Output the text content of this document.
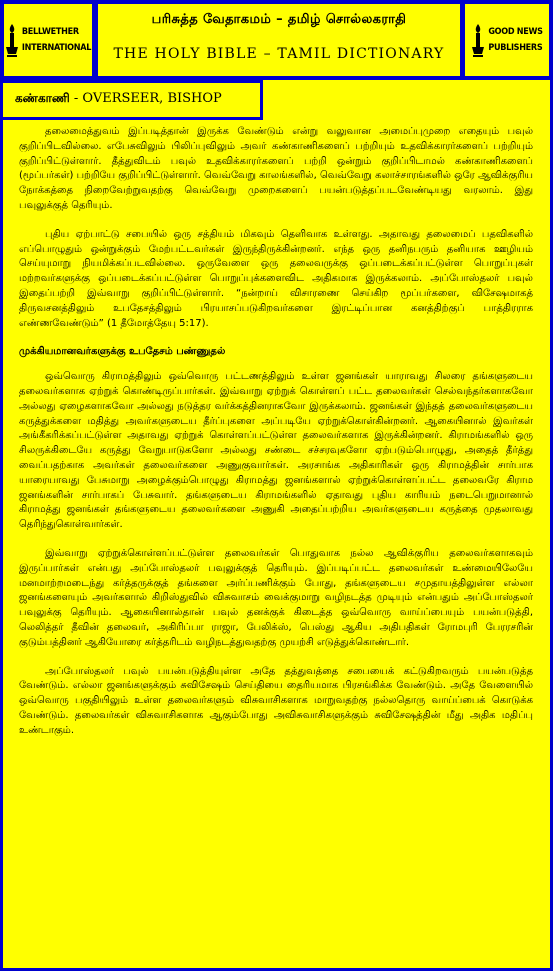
BELLWETHER
INTERNATIONAL
பரிசுத்த வேதாகமம் – தமிழ் சொல்லகராதி
THE HOLY BIBLE – TAMIL DICTIONARY
GOOD NEWS
PUBLISHERS
கண்காணி - OVERSEER, BISHOP

தலைமைத்துவம் இப்படித்தான் இருக்க வேண்டும் என்று வலுவான அமைப்புமுறை எதையும் பவுல் குறிப்பிடவில்லை. எபேசுவிலும் பிலிப்புவிலும் அவர் கண்காணிகளைப் பற்றியும் உதவிக்காரர்களைப் பற்றியும் குறிப்பிட்டுள்ளார். தீத்துவிடம் பவுல் உதவிக்காரர்களைப் பற்றி ஒன்றும் குறிப்பிடாமல் கண்காணிகளைப் (மூப்பர்கள்) பற்றியே குறிப்பிட்டுள்ளார். வெவ்வேறு காலங்களில், வெவ்வேறு கலாச்சாரங்களில் ஒரே ஆவிக்குரிய நோக்கத்தை நிறைவேற்றுவதற்கு வெவ்வேறு முறைகளைப் பயன்படுத்தப்படவேண்டியது வரலாம். இது பவுலுக்குத் தெரியும்.

புதிய ஏற்பாட்டு சபையில் ஒரு சத்தியம் மிகவும் தெளிவாக உள்ளது. அதாவது தலைமைப் பதவிகளில் எப்பொழுதும் ஒன்றுக்கும் மேற்பட்டவர்கள் இருந்திருக்கின்றனர். எந்த ஒரு தனிநபரும் தனியாக ஊழியம் செய்யுமாறு நியமிக்கப்படவில்லை. ஒருவேளை ஒரு தலைவருக்கு ஒப்படைக்கப்பட்டுள்ள பொறுப்புகள் மற்றவர்களுக்கு ஒப்படைக்கப்பட்டுள்ள பொறுப்புக்களைவிட அதிகமாக இருக்கலாம். அப்போஸ்தலர் பவுல் இதைப்பற்றி இவ்வாறு குறிப்பிட்டுள்ளார். “நன்றாய் விசாரணை செய்கிற மூப்பர்களை, விசேஷமாகத் திருவசனத்திலும் உபதேசத்திலும் பிரயாசப்படுகிறவர்களை இரட்டிப்பான கனத்திற்குப் பாத்திரராக எண்ணவேண்டும்” (1 தீமோத்தேயு 5:17).

முக்கியமானவர்களுக்கு உபதேசம் பண்ணுதல்

ஒவ்வொரு கிராமத்திலும் ஒவ்வொரு பட்டணத்திலும் உள்ள ஜனங்கள் யாராவது சிலரை தங்களுடைய தலைவர்களாக ஏற்றுக் கொண்டிருப்பார்கள். இவ்வாறு ஏற்றுக் கொள்ளப் பட்ட தலைவர்கள் செல்வந்தர்களாகவோ அல்லது ஏழைகளாகவோ அல்லது நடுத்தர வர்க்கத்தினராகவோ இருக்கலாம். ஜனங்கள் இந்தத் தலைவர்களுடைய கருத்துக்களை மதித்து அவர்களுடைய தீர்ப்புகளை அப்படியே ஏற்றுக்கொள்கின்றனர். ஆகையினால் இவர்கள் அங்கீகரிக்கப்பட்டுள்ள அதாவது ஏற்றுக் கொள்ளப்பட்டுள்ள தலைவர்களாக இருக்கின்றனர். கிராமங்களில் ஒரு சிலருக்கிடையே கருத்து வேறுபாடுகளோ அல்லது சண்டை சச்சரவுகளோ ஏற்படும்பொழுது, அதைத் தீர்த்து வைப்பதற்காக அவர்கள் தலைவர்களை அணுகுவார்கள். அரசாங்க அதிகாரிகள் ஒரு கிராமத்தின் சார்பாக யாரையாவது பேசுமாறு அழைக்கும்பொழுது கிராமத்து ஜனங்களால் ஏற்றுக்கொள்ளப்பட்ட தலைவரே கிராம ஜனங்களின் சார்பாகப் பேசுவார். தங்களுடைய கிராமங்களில் ஏதாவது புதிய காரியம் நடைபெறுமானால் கிராமத்து ஜனங்கள் தங்களுடைய தலைவர்களை அணுகி அதைப்பற்றிய அவர்களுடைய கருத்தை முதலாவது தெரிந்துகொள்வார்கள்.

இவ்வாறு ஏற்றுக்கொள்ளப்பட்டுள்ள தலைவர்கள் பொதுவாக நல்ல ஆவிக்குரிய தலைவர்களாகவும் இருப்பார்கள் என்பது அப்போஸ்தலர் பவுலுக்குத் தெரியும். இப்படிப்பட்ட தலைவர்கள் உண்மையிலேயே மனமாற்றமடைந்து கர்த்தருக்குத் தங்களை அர்ப்பணிக்கும் போது, தங்களுடைய சமுதாயத்திலுள்ள எல்லா ஜனங்களையும் அவர்களால் கிறிஸ்துவில் விசுவாசம் வைக்குமாறு வழிநடத்த முடியும் என்பதும் அப்போஸ்தலர் பவுலுக்கு தெரியும். ஆகையினால்தான் பவுல் தனக்குக் கிடைத்த ஒவ்வொரு வாய்ப்பையும் பயன்படுத்தி, லெலித்தர் தீவின் தலைவர், அகிரிப்பா ராஜா, பேலிக்ஸ், பெஸ்து ஆகிய அதிபதிகள் ரோமபுரி பேரரசரின் குடும்பத்தினர் ஆகியோரை கர்த்தரிடம் வழிநடத்துவதற்கு முயற்சி எடுத்துக்கொண்டார்.

அப்போஸ்தலர் பவுல் பயன்படுத்தியுள்ள அதே தத்துவத்தை சபையைக் கட்டுகிறவரும் பயன்படுத்த வேண்டும். எல்லா ஜனங்களுக்கும் சுவிசேஷம் செய்தியை தைரியமாக பிரசங்கிக்க வேண்டும். அதே வேளையில் ஒவ்வொரு பகுதியிலும் உள்ள தலைவர்களும் விசுவாசிகளாக மாறுவதற்கு நல்லதொரு வாய்ப்பைக் கொடுக்க வேண்டும். தலைவர்கள் விசுவாசிகளாக ஆகும்போது அவிசுவாசிகளுக்கும் சுவிசேஷத்தின் மீது அதிக மதிப்பு உண்டாகும்.
